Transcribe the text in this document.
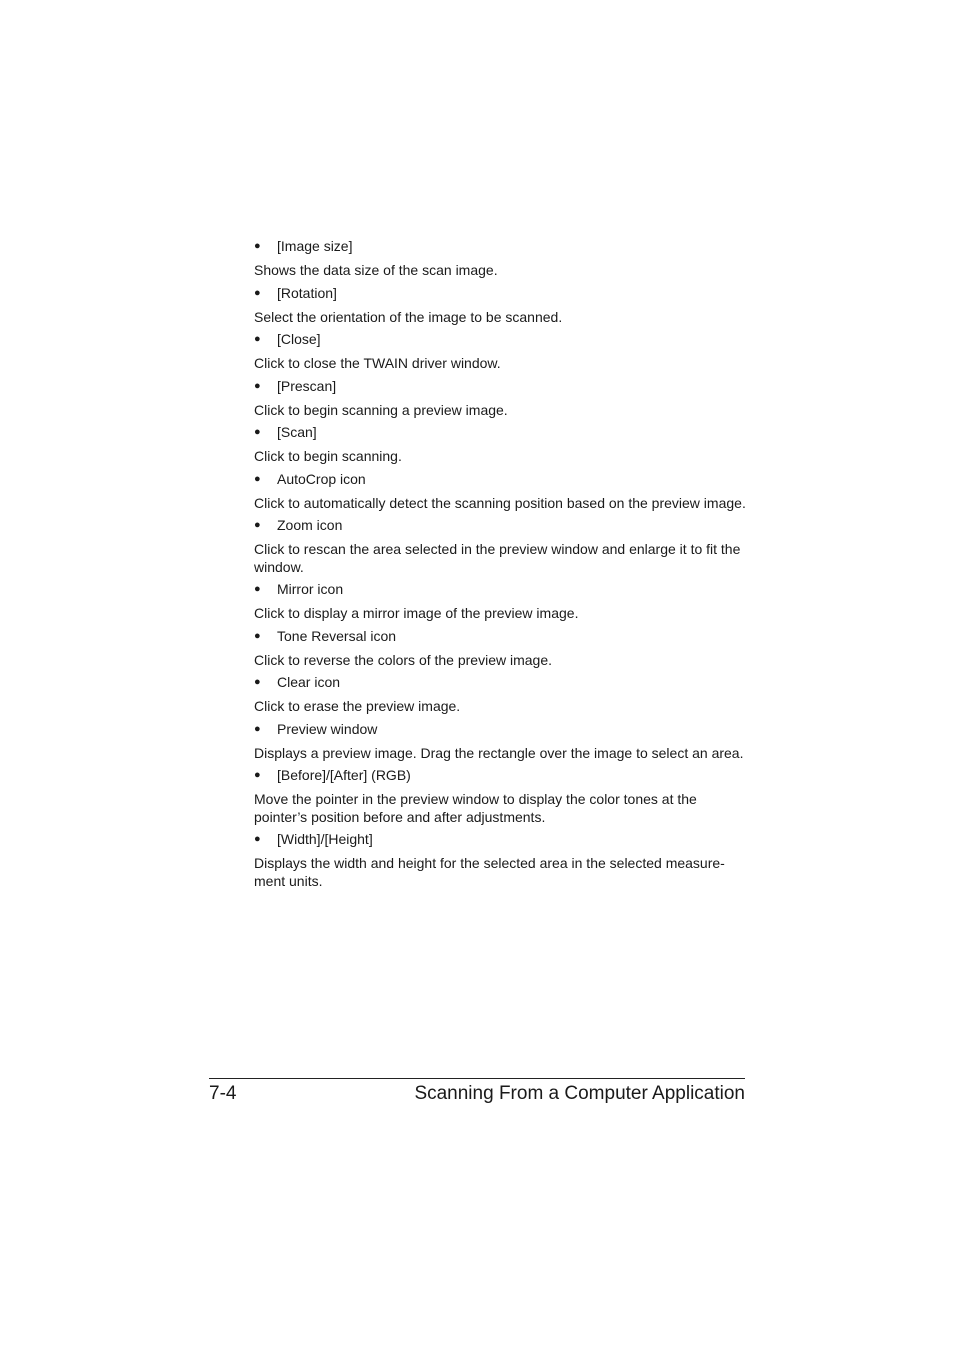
● [Image size]

Shows the data size of the scan image.

● [Rotation]

Select the orientation of the image to be scanned.

● [Close]

Click to close the TWAIN driver window.

● [Prescan]

Click to begin scanning a preview image.

● [Scan]

Click to begin scanning.

● AutoCrop icon

Click to automatically detect the scanning position based on the preview image.

● Zoom icon

Click to rescan the area selected in the preview window and enlarge it to fit the window.

● Mirror icon

Click to display a mirror image of the preview image.

● Tone Reversal icon

Click to reverse the colors of the preview image.

● Clear icon

Click to erase the preview image.

● Preview window

Displays a preview image. Drag the rectangle over the image to select an area.

● [Before]/[After] (RGB)

Move the pointer in the preview window to display the color tones at the pointer’s position before and after adjustments.

● [Width]/[Height]

Displays the width and height for the selected area in the selected measure-ment units.

7-4	Scanning From a Computer Application
